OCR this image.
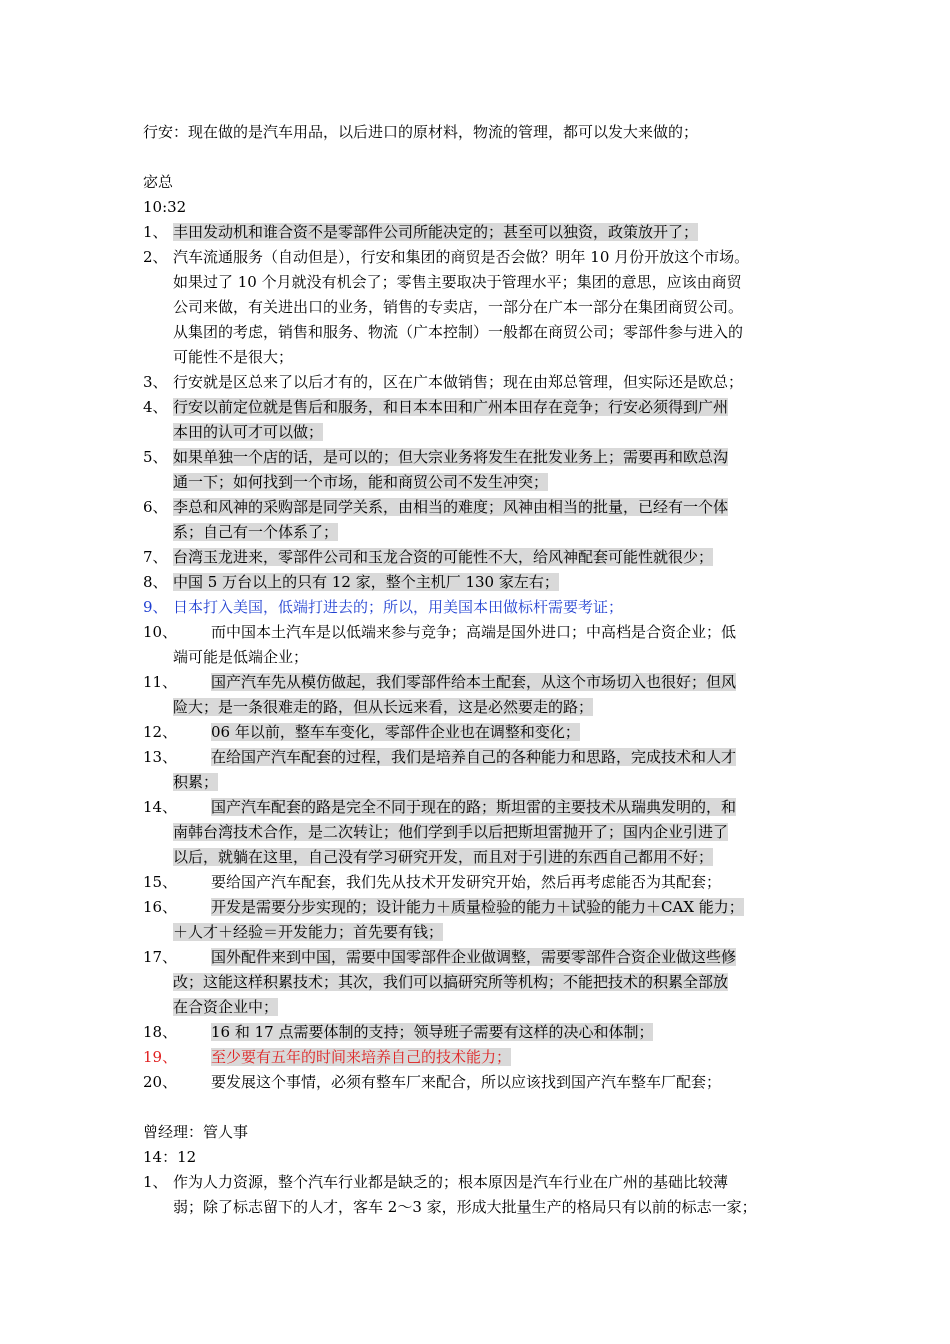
行安：现在做的是汽车用品，以后进口的原材料，物流的管理，都可以发大来做的；
宓总
10:32
1、 丰田发动机和谁合资不是零部件公司所能决定的；甚至可以独资，政策放开了；
2、 汽车流通服务（自动但是），行安和集团的商贸是否会做？明年 10 月份开放这个市场。
如果过了 10 个月就没有机会了；零售主要取决于管理水平；集团的意思，应该由商贸
公司来做，有关进出口的业务，销售的专卖店，一部分在广本一部分在集团商贸公司。
从集团的考虑，销售和服务、物流（广本控制）一般都在商贸公司；零部件参与进入的
可能性不是很大；
3、 行安就是区总来了以后才有的，区在广本做销售；现在由郑总管理，但实际还是欧总；
4、 行安以前定位就是售后和服务，和日本本田和广州本田存在竞争；行安必须得到广州
本田的认可才可以做；
5、 如果单独一个店的话，是可以的；但大宗业务将发生在批发业务上；需要再和欧总沟
通一下；如何找到一个市场，能和商贸公司不发生冲突；
6、 李总和风神的采购部是同学关系，由相当的难度；风神由相当的批量，已经有一个体
系；自己有一个体系了；
7、 台湾玉龙进来，零部件公司和玉龙合资的可能性不大，给风神配套可能性就很少；
8、 中国 5 万台以上的只有 12 家，整个主机厂 130 家左右；
9、 日本打入美国，低端打进去的；所以，用美国本田做标杆需要考证；
10、	而中国本土汽车是以低端来参与竞争；高端是国外进口；中高档是合资企业；低
端可能是低端企业；
11、	国产汽车先从模仿做起，我们零部件给本土配套，从这个市场切入也很好；但风
险大；是一条很难走的路，但从长远来看，这是必然要走的路；
12、	06 年以前，整车车变化，零部件企业也在调整和变化；
13、	在给国产汽车配套的过程，我们是培养自己的各种能力和思路，完成技术和人才
积累；
14、	国产汽车配套的路是完全不同于现在的路；斯坦雷的主要技术从瑞典发明的，和
南韩台湾技术合作，是二次转让；他们学到手以后把斯坦雷抛开了；国内企业引进了
以后，就躺在这里，自己没有学习研究开发，而且对于引进的东西自己都用不好；
15、	要给国产汽车配套，我们先从技术开发研究开始，然后再考虑能否为其配套；
16、	开发是需要分步实现的；设计能力＋质量检验的能力＋试验的能力＋CAX 能力；
＋人才＋经验＝开发能力；首先要有钱；
17、	国外配件来到中国，需要中国零部件企业做调整，需要零部件合资企业做这些修
改；这能这样积累技术；其次，我们可以搞研究所等机构；不能把技术的积累全部放
在合资企业中；
18、	16 和 17 点需要体制的支持；领导班子需要有这样的决心和体制；
19、	至少要有五年的时间来培养自己的技术能力；
20、	要发展这个事情，必须有整车厂来配合，所以应该找到国产汽车整车厂配套；
曾经理：管人事
14：12
1、 作为人力资源，整个汽车行业都是缺乏的；根本原因是汽车行业在广州的基础比较薄
弱；除了标志留下的人才，客车 2～3 家，形成大批量生产的格局只有以前的标志一家；
